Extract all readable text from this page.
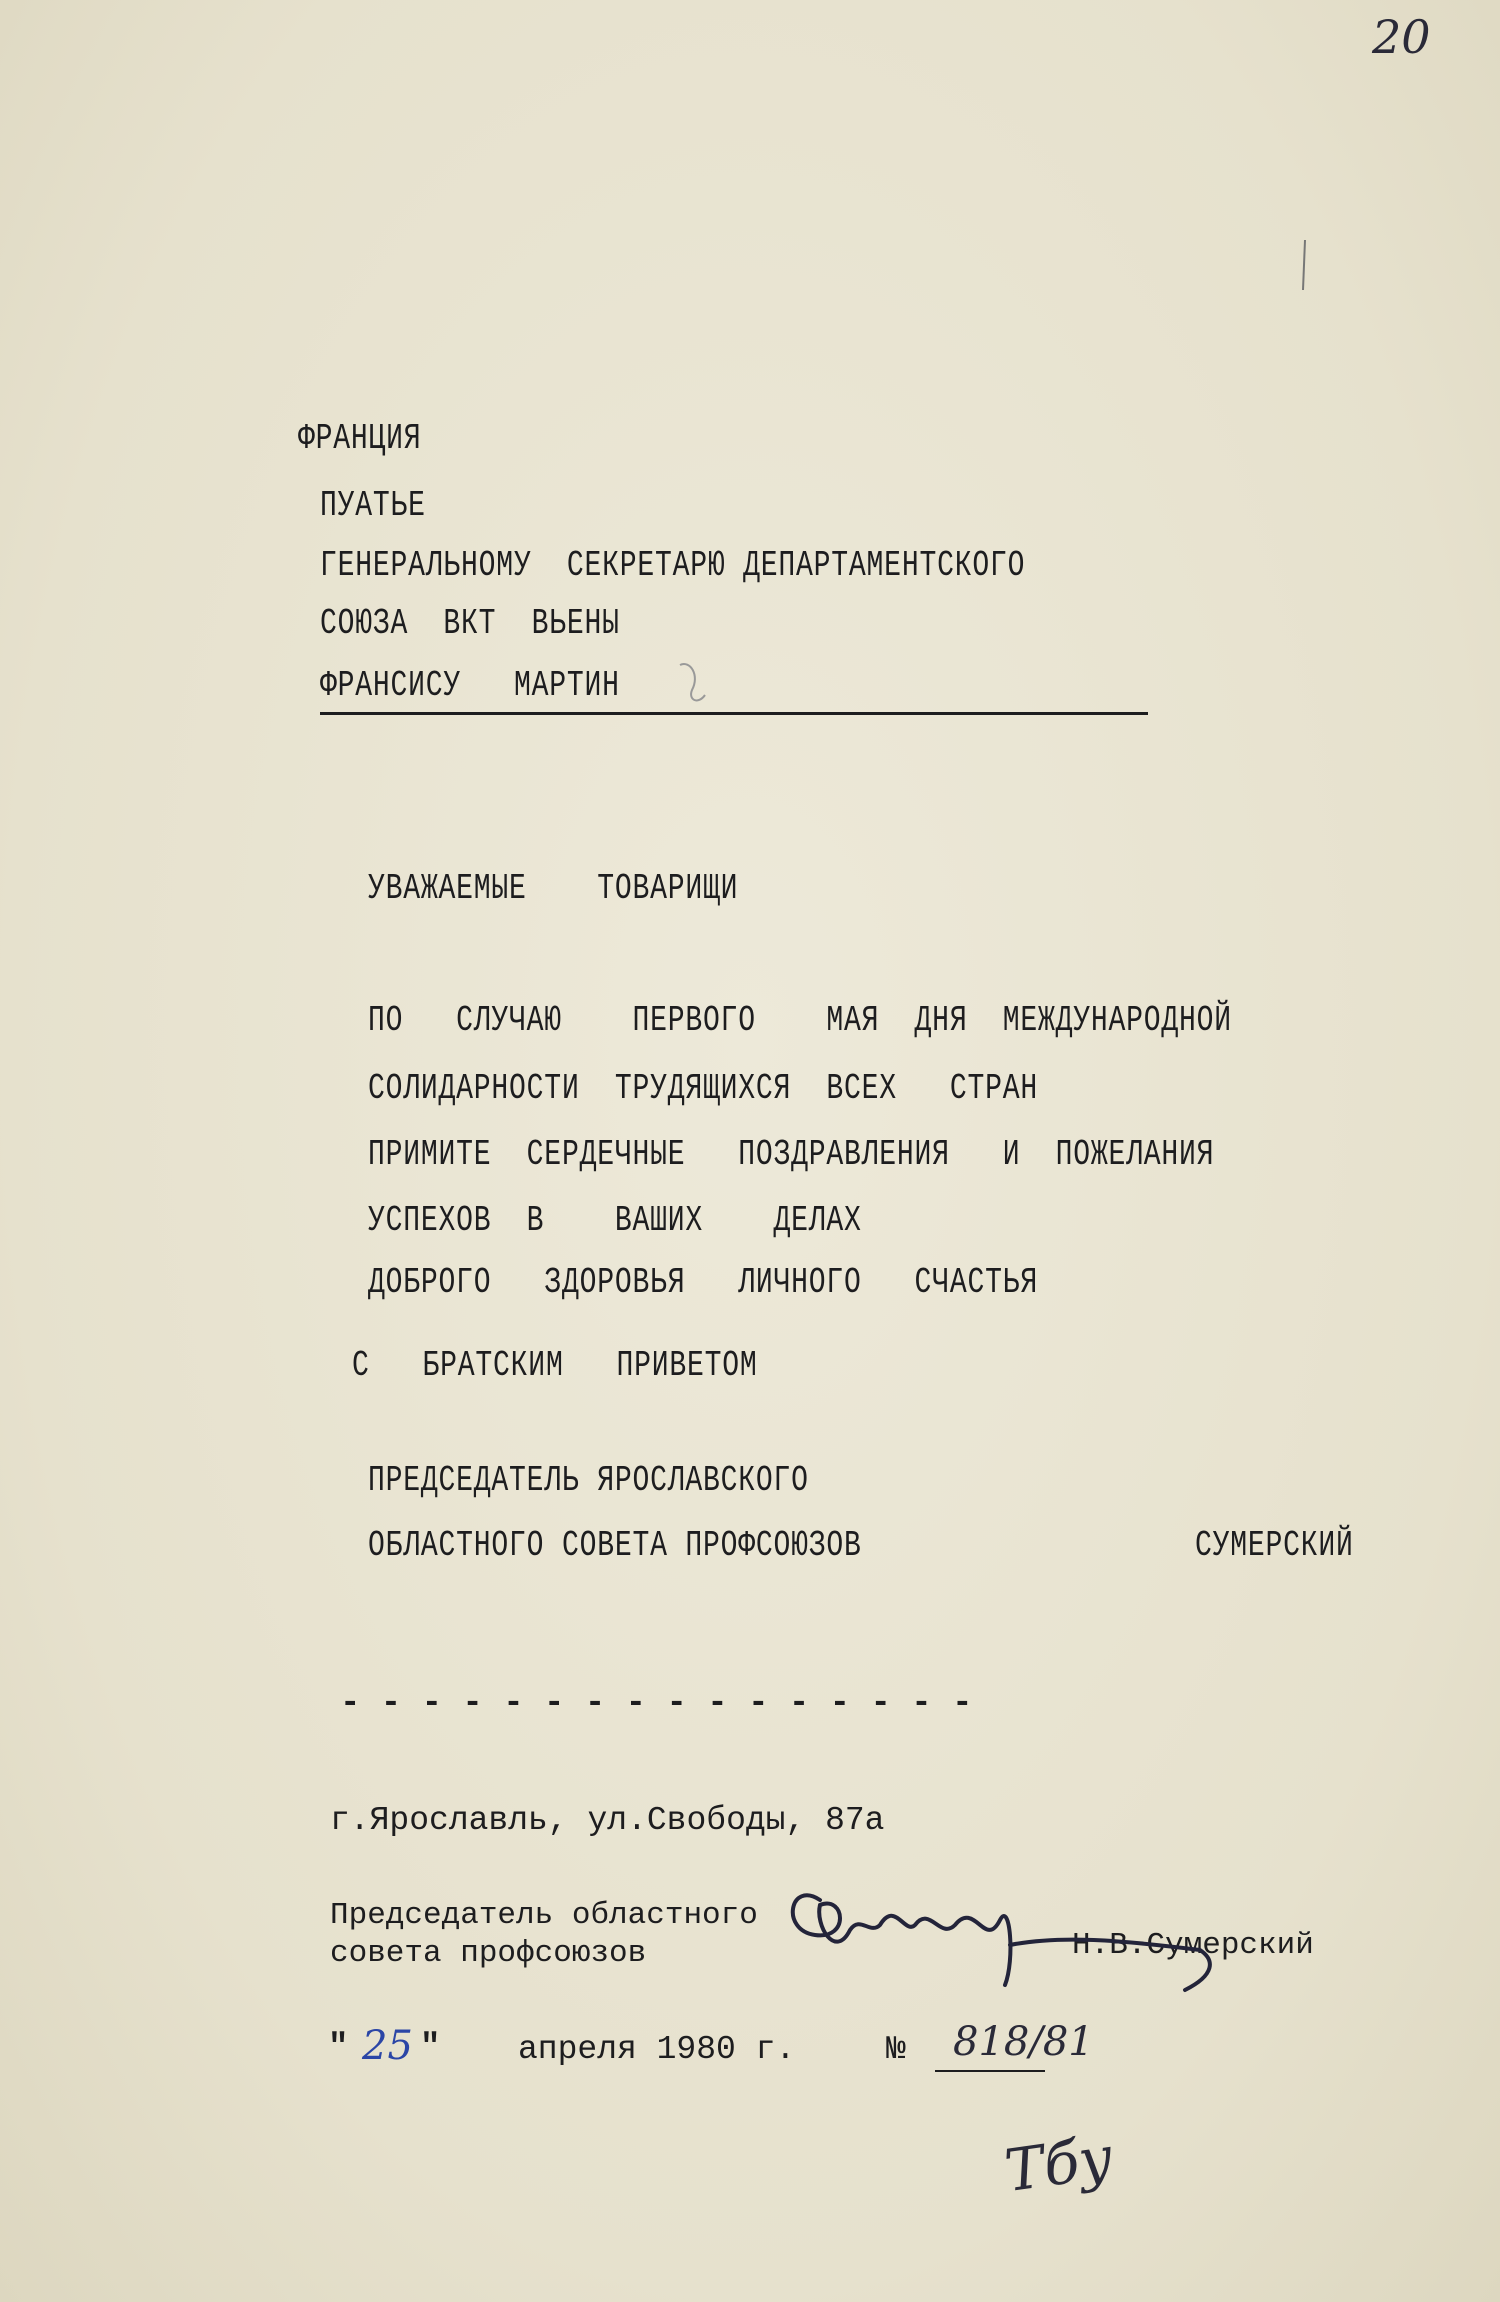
20
ФРАНЦИЯ
ПУАТЬЕ
ГЕНЕРАЛЬНОМУ  СЕКРЕТАРЮ ДЕПАРТАМЕНТСКОГО
СОЮЗА  ВКТ  ВЬЕНЫ
ФРАНСИСУ   МАРТИН
УВАЖАЕМЫЕ    ТОВАРИЩИ
ПО   СЛУЧАЮ    ПЕРВОГО    МАЯ  ДНЯ  МЕЖДУНАРОДНОЙ
СОЛИДАРНОСТИ  ТРУДЯЩИХСЯ  ВСЕХ   СТРАН
ПРИМИТЕ  СЕРДЕЧНЫЕ   ПОЗДРАВЛЕНИЯ   И  ПОЖЕЛАНИЯ
УСПЕХОВ  В    ВАШИХ    ДЕЛАХ
ДОБРОГО   ЗДОРОВЬЯ   ЛИЧНОГО   СЧАСТЬЯ
С   БРАТСКИМ   ПРИВЕТОМ
ПРЕДСЕДАТЕЛЬ ЯРОСЛАВСКОГО
ОБЛАСТНОГО СОВЕТА ПРОФСОЮЗОВ	СУМЕРСКИЙ
- - - - - - - - - - - - - - - -
г.Ярославль, ул.Свободы, 87а
Председатель областного
совета профсоюзов	Н.В.Сумерский
" 25 " апреля 1980 г.	№ 818/81
Тбу
